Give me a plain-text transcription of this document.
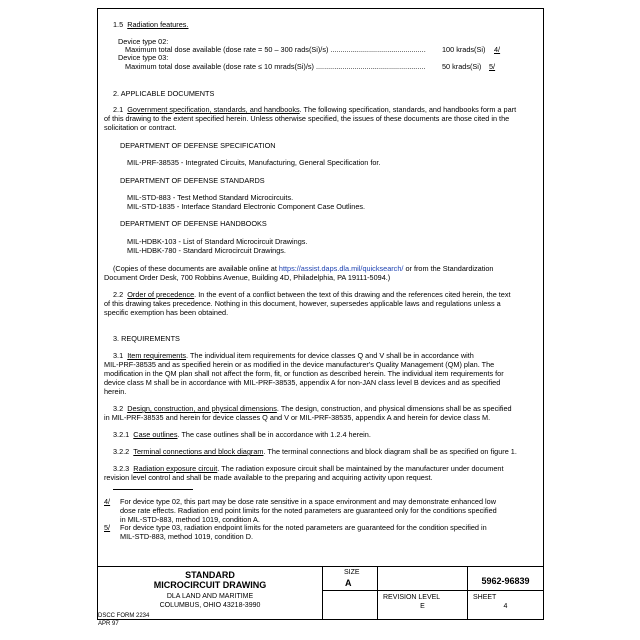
1.5 Radiation features.
Device type 02:
Maximum total dose available (dose rate = 50 – 300 rads(Si)/s) ............................................... 100 krads(Si) 4/
Device type 03:
Maximum total dose available (dose rate ≤ 10 mrads(Si)/s) ...................................................... 50 krads(Si) 5/
2. APPLICABLE DOCUMENTS
2.1 Government specification, standards, and handbooks. The following specification, standards, and handbooks form a part
of this drawing to the extent specified herein. Unless otherwise specified, the issues of these documents are those cited in the
solicitation or contract.
DEPARTMENT OF DEFENSE SPECIFICATION
MIL-PRF-38535 - Integrated Circuits, Manufacturing, General Specification for.
DEPARTMENT OF DEFENSE STANDARDS
MIL-STD-883 - Test Method Standard Microcircuits.
MIL-STD-1835 - Interface Standard Electronic Component Case Outlines.
DEPARTMENT OF DEFENSE HANDBOOKS
MIL-HDBK-103 - List of Standard Microcircuit Drawings.
MIL-HDBK-780 - Standard Microcircuit Drawings.
(Copies of these documents are available online at https://assist.daps.dla.mil/quicksearch/ or from the Standardization
Document Order Desk, 700 Robbins Avenue, Building 4D, Philadelphia, PA 19111-5094.)
2.2 Order of precedence. In the event of a conflict between the text of this drawing and the references cited herein, the text
of this drawing takes precedence. Nothing in this document, however, supersedes applicable laws and regulations unless a
specific exemption has been obtained.
3. REQUIREMENTS
3.1 Item requirements. The individual item requirements for device classes Q and V shall be in accordance with
MIL-PRF-38535 and as specified herein or as modified in the device manufacturer's Quality Management (QM) plan. The
modification in the QM plan shall not affect the form, fit, or function as described herein. The individual item requirements for
device class M shall be in accordance with MIL-PRF-38535, appendix A for non-JAN class level B devices and as specified
herein.
3.2 Design, construction, and physical dimensions. The design, construction, and physical dimensions shall be as specified
in MIL-PRF-38535 and herein for device classes Q and V or MIL-PRF-38535, appendix A and herein for device class M.
3.2.1 Case outlines. The case outlines shall be in accordance with 1.2.4 herein.
3.2.2 Terminal connections and block diagram. The terminal connections and block diagram shall be as specified on figure 1.
3.2.3 Radiation exposure circuit. The radiation exposure circuit shall be maintained by the manufacturer under document
revision level control and shall be made available to the preparing and acquiring activity upon request.
4/ For device type 02, this part may be dose rate sensitive in a space environment and may demonstrate enhanced low
dose rate effects. Radiation end point limits for the noted parameters are guaranteed only for the conditions specified
in MIL-STD-883, method 1019, condition A.
5/ For device type 03, radiation endpoint limits for the noted parameters are guaranteed for the condition specified in
MIL-STD-883, method 1019, condition D.
STANDARD
MICROCIRCUIT DRAWING
DLA LAND AND MARITIME
COLUMBUS, OHIO 43218-3990
SIZE
A	5962-96839
REVISION LEVEL
E
SHEET
4
DSCC FORM 2234
APR 97
